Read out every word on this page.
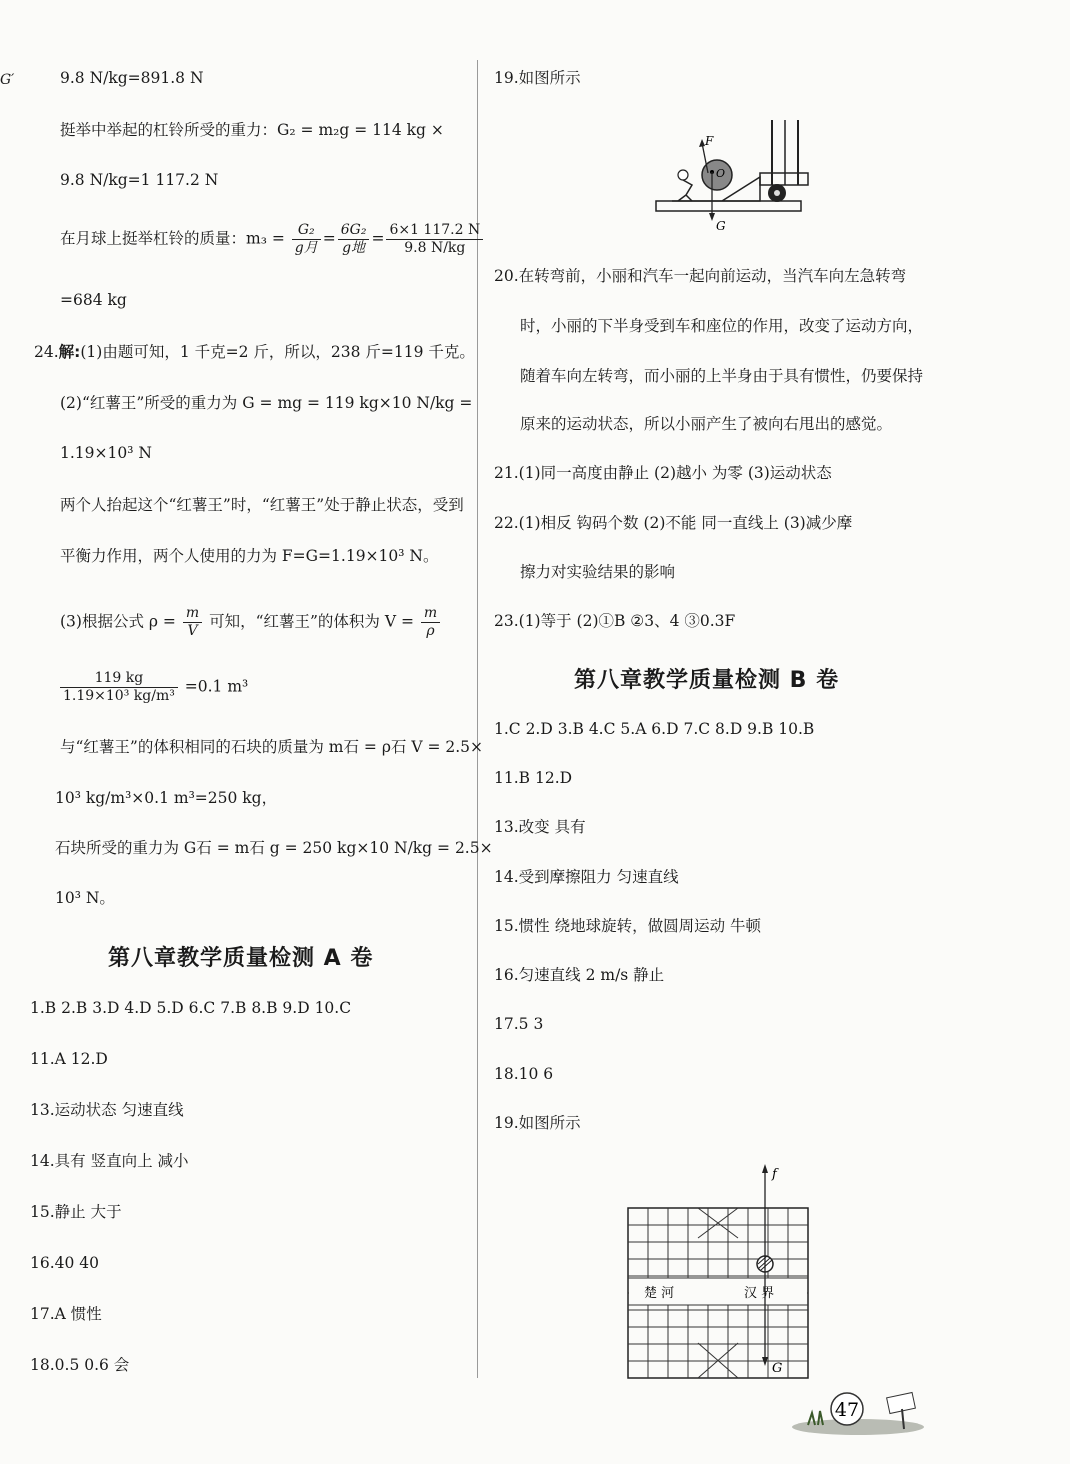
G′	9.8 N/kg=891.8 N
挺举中举起的杠铃所受的重力：G₂ = m₂g = 114 kg ×
9.8 N/kg=1 117.2 N
在月球上挺举杠铃的质量：$m_3 = \frac{\text{G₂}}{\text{g月}} = \frac{\text{6G₂}}{\text{g地}} = \frac{6\times 1 117.2 N}{9.8 N/kg}$
=684 kg
24.解:(1)由题可知，1 千克=2 斤，所以，238 斤=119 千克。
(2)“红薯王”所受的重力为 G = mg = 119 kg×10 N/kg =
1.19×10³ N
两个人抬起这个“红薯王”时，“红薯王”处于静止状态，受到
平衡力作用，两个人使用的力为 F=G=1.19×10³ N。
(3)根据公式 $\rho = \frac{m}{V}$ 可知，“红薯王”的体积为 $V = \frac{m}{\rho}$
$\frac{119 kg}{\text{1.19×10³ kg/m³}} =0.1$ m³
与“红薯王”的体积相同的石块的质量为 m石 = ρ石 V = 2.5×
10³ kg/m³×0.1 m³=250 kg，
石块所受的重力为 G石 = m石 g = 250 kg×10 N/kg = 2.5×
10³ N。
第八章教学质量检测 A 卷
1.B 2.B 3.D 4.D 5.D 6.C 7.B 8.B 9.D 10.C
11.A 12.D
13.运动状态 匀速直线
14.具有 竖直向上 减小
15.静止 大于
16.40 40
17.A 惯性
18.0.5 0.6 会
19.如图所示
O
F
G
20.在转弯前，小丽和汽车一起向前运动，当汽车向左急转弯
时，小丽的下半身受到车和座位的作用，改变了运动方向，
随着车向左转弯，而小丽的上半身由于具有惯性，仍要保持
原来的运动状态，所以小丽产生了被向右甩出的感觉。
21.(1)同一高度由静止 (2)越小 为零 (3)运动状态
22.(1)相反 钩码个数 (2)不能 同一直线上 (3)减少摩
擦力对实验结果的影响
23.(1)等于 (2)①B ②3、4 ③0.3F
第八章教学质量检测 B 卷
1.C 2.D 3.B 4.C 5.A 6.D 7.C 8.D 9.B 10.B
11.B 12.D
13.改变 具有
14.受到摩擦阻力 匀速直线
15.惯性 绕地球旋转，做圆周运动 牛顿
16.匀速直线 2 m/s 静止
17.5 3
18.10 6
19.如图所示
楚 河	汉 界
f
G
47
